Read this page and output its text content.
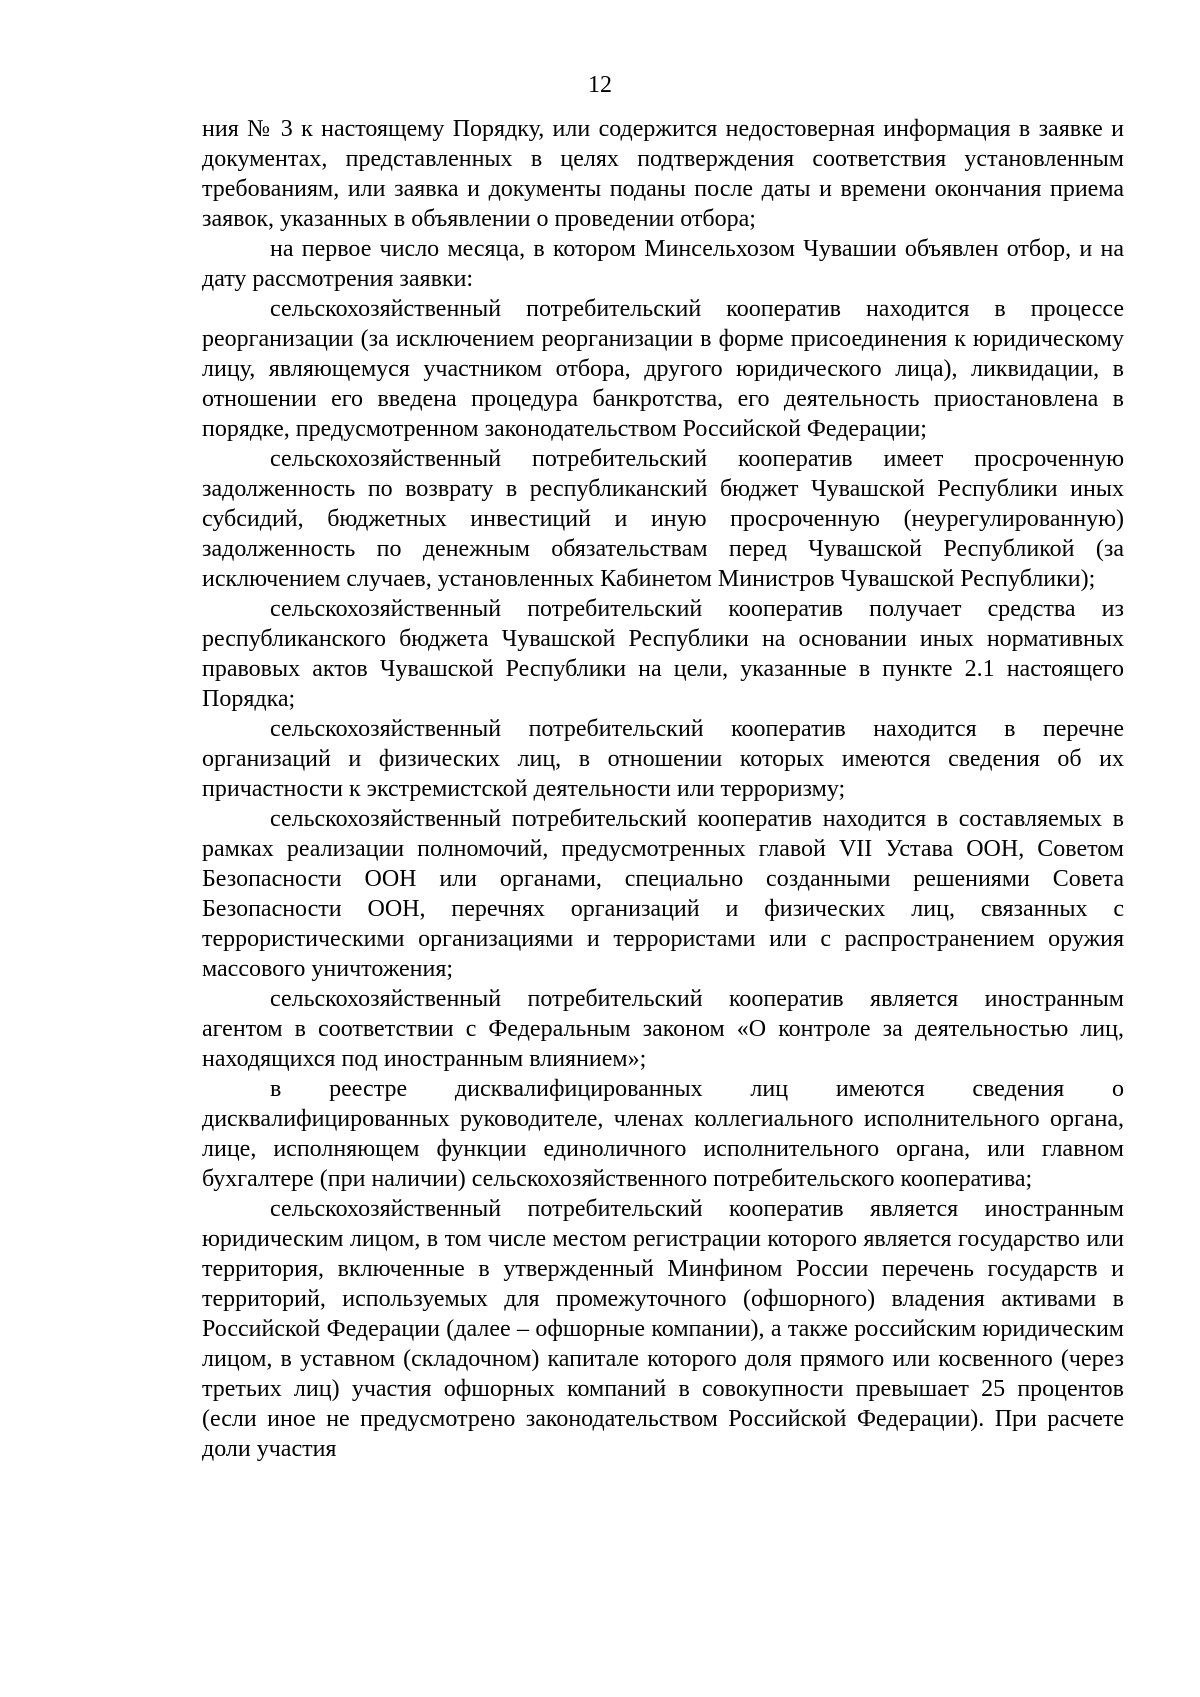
12

ния № 3 к настоящему Порядку, или содержится недостоверная информация в заявке и документах, представленных в целях подтверждения соответствия установленным требованиям, или заявка и документы поданы после даты и времени окончания приема заявок, указанных в объявлении о проведении отбора;

на первое число месяца, в котором Минсельхозом Чувашии объявлен отбор, и на дату рассмотрения заявки:

сельскохозяйственный потребительский кооператив находится в процессе реорганизации (за исключением реорганизации в форме присоединения к юридическому лицу, являющемуся участником отбора, другого юридического лица), ликвидации, в отношении его введена процедура банкротства, его деятельность приостановлена в порядке, предусмотренном законодательством Российской Федерации;

сельскохозяйственный потребительский кооператив имеет просроченную задолженность по возврату в республиканский бюджет Чувашской Республики иных субсидий, бюджетных инвестиций и иную просроченную (неурегулированную) задолженность по денежным обязательствам перед Чувашской Республикой (за исключением случаев, установленных Кабинетом Министров Чувашской Республики);

сельскохозяйственный потребительский кооператив получает средства из республиканского бюджета Чувашской Республики на основании иных нормативных правовых актов Чувашской Республики на цели, указанные в пункте 2.1 настоящего Порядка;

сельскохозяйственный потребительский кооператив находится в перечне организаций и физических лиц, в отношении которых имеются сведения об их причастности к экстремистской деятельности или терроризму;

сельскохозяйственный потребительский кооператив находится в составляемых в рамках реализации полномочий, предусмотренных главой VII Устава ООН, Советом Безопасности ООН или органами, специально созданными решениями Совета Безопасности ООН, перечнях организаций и физических лиц, связанных с террористическими организациями и террористами или с распространением оружия массового уничтожения;

сельскохозяйственный потребительский кооператив является иностранным агентом в соответствии с Федеральным законом «О контроле за деятельностью лиц, находящихся под иностранным влиянием»;

в реестре дисквалифицированных лиц имеются сведения о дисквалифицированных руководителе, членах коллегиального исполнительного органа, лице, исполняющем функции единоличного исполнительного органа, или главном бухгалтере (при наличии) сельскохозяйственного потребительского кооператива;

сельскохозяйственный потребительский кооператив является иностранным юридическим лицом, в том числе местом регистрации которого является государство или территория, включенные в утвержденный Минфином России перечень государств и территорий, используемых для промежуточного (офшорного) владения активами в Российской Федерации (далее – офшорные компании), а также российским юридическим лицом, в уставном (складочном) капитале которого доля прямого или косвенного (через третьих лиц) участия офшорных компаний в совокупности превышает 25 процентов (если иное не предусмотрено законодательством Российской Федерации). При расчете доли участия
